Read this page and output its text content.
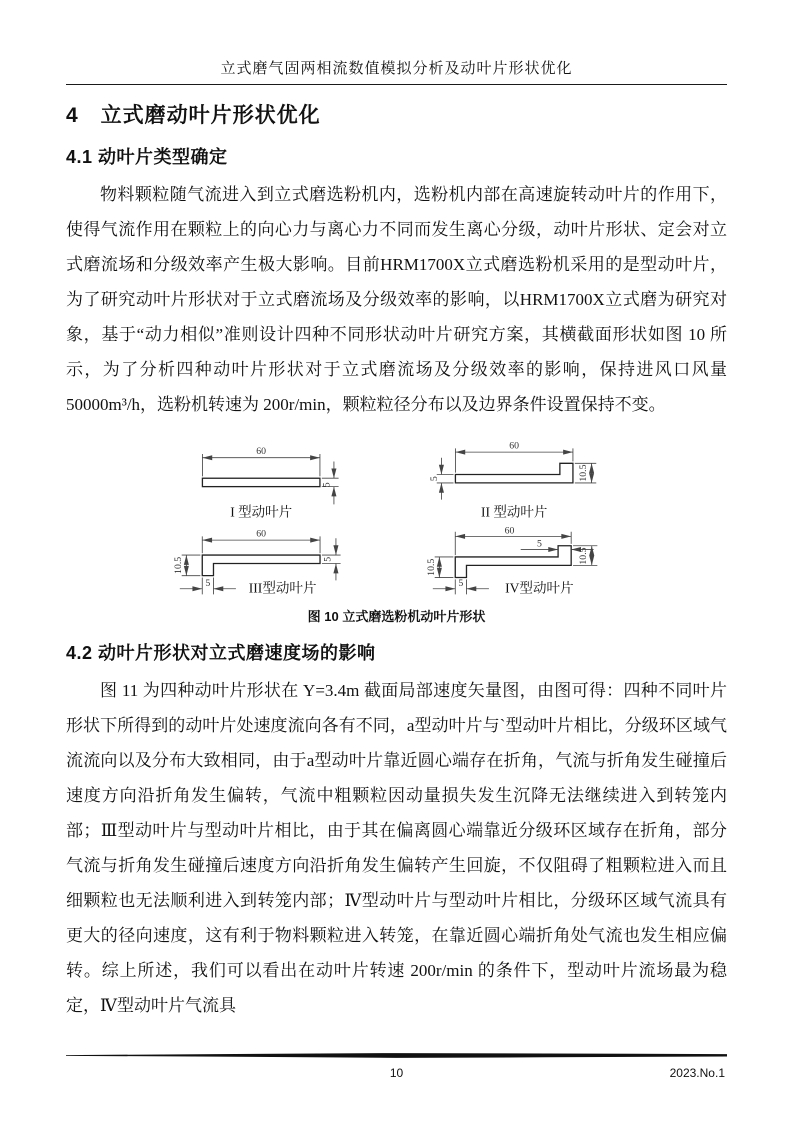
立式磨气固两相流数值模拟分析及动叶片形状优化
4　立式磨动叶片形状优化
4.1 动叶片类型确定

物料颗粒随气流进入到立式磨选粉机内，选粉机内部在高速旋转动叶片的作用下，使得气流作用在颗粒上的向心力与离心力不同而发生离心分级，动叶片形状、定会对立式磨流场和分级效率产生极大影响。目前HRM1700X立式磨选粉机采用的是型动叶片，为了研究动叶片形状对于立式磨流场及分级效率的影响，以HRM1700X立式磨为研究对象，基于“动力相似”准则设计四种不同形状动叶片研究方案，其横截面形状如图 10 所示，为了分析四种动叶片形状对于立式磨流场及分级效率的影响，保持进风口风量 50000m³/h，选粉机转速为 200r/min，颗粒粒径分布以及边界条件设置保持不变。

60
5
I 型动叶片
60
5	10.5
II 型动叶片
60
10.5	5
5	III型动叶片
60
5
10.5
10.5
5	IV型动叶片
图 10 立式磨选粉机动叶片形状
4.2 动叶片形状对立式磨速度场的影响

图 11 为四种动叶片形状在 Y=3.4m 截面局部速度矢量图，由图可得：四种不同叶片形状下所得到的动叶片处速度流向各有不同，a型动叶片与`型动叶片相比，分级环区域气流流向以及分布大致相同，由于a型动叶片靠近圆心端存在折角，气流与折角发生碰撞后速度方向沿折角发生偏转，气流中粗颗粒因动量损失发生沉降无法继续进入到转笼内部；Ⅲ型动叶片与型动叶片相比，由于其在偏离圆心端靠近分级环区域存在折角，部分气流与折角发生碰撞后速度方向沿折角发生偏转产生回旋，不仅阻碍了粗颗粒进入而且细颗粒也无法顺利进入到转笼内部；Ⅳ型动叶片与型动叶片相比，分级环区域气流具有更大的径向速度，这有利于物料颗粒进入转笼，在靠近圆心端折角处气流也发生相应偏转。综上所述，我们可以看出在动叶片转速 200r/min 的条件下，型动叶片流场最为稳定，Ⅳ型动叶片气流具

10	2023.No.1
